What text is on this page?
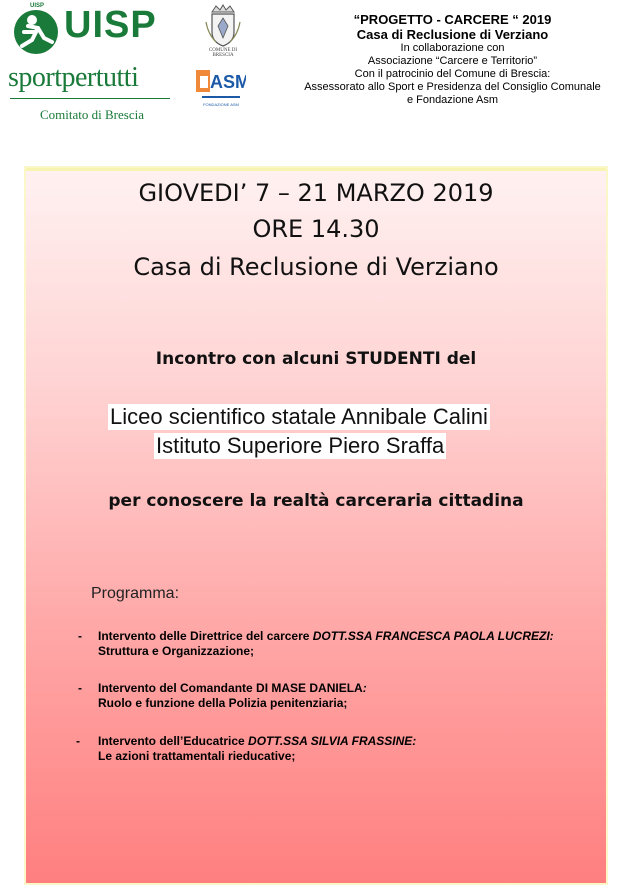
UISP UISP
sportpertutti
Comitato di Brescia
COMUNE DI BRESCIA
ASM
FONDAZIONE ASM
“PROGETTO - CARCERE “ 2019
Casa di Reclusione di Verziano
In collaborazione con
Associazione “Carcere e Territorio”
Con il patrocinio del Comune di Brescia:
Assessorato allo Sport e Presidenza del Consiglio Comunale
e Fondazione Asm
GIOVEDI’ 7 – 21 MARZO 2019
ORE 14.30
Casa di Reclusione di Verziano
Incontro con alcuni STUDENTI del
Liceo scientifico statale Annibale Calini
Istituto Superiore Piero Sraffa
per conoscere la realtà carceraria cittadina
Programma:
- Intervento delle Direttrice del carcere DOTT.SSA FRANCESCA PAOLA LUCREZI:
Struttura e Organizzazione;
- Intervento del Comandante DI MASE DANIELA:
Ruolo e funzione della Polizia penitenziaria;
- Intervento dell’Educatrice DOTT.SSA SILVIA FRASSINE:
Le azioni trattamentali rieducative;
